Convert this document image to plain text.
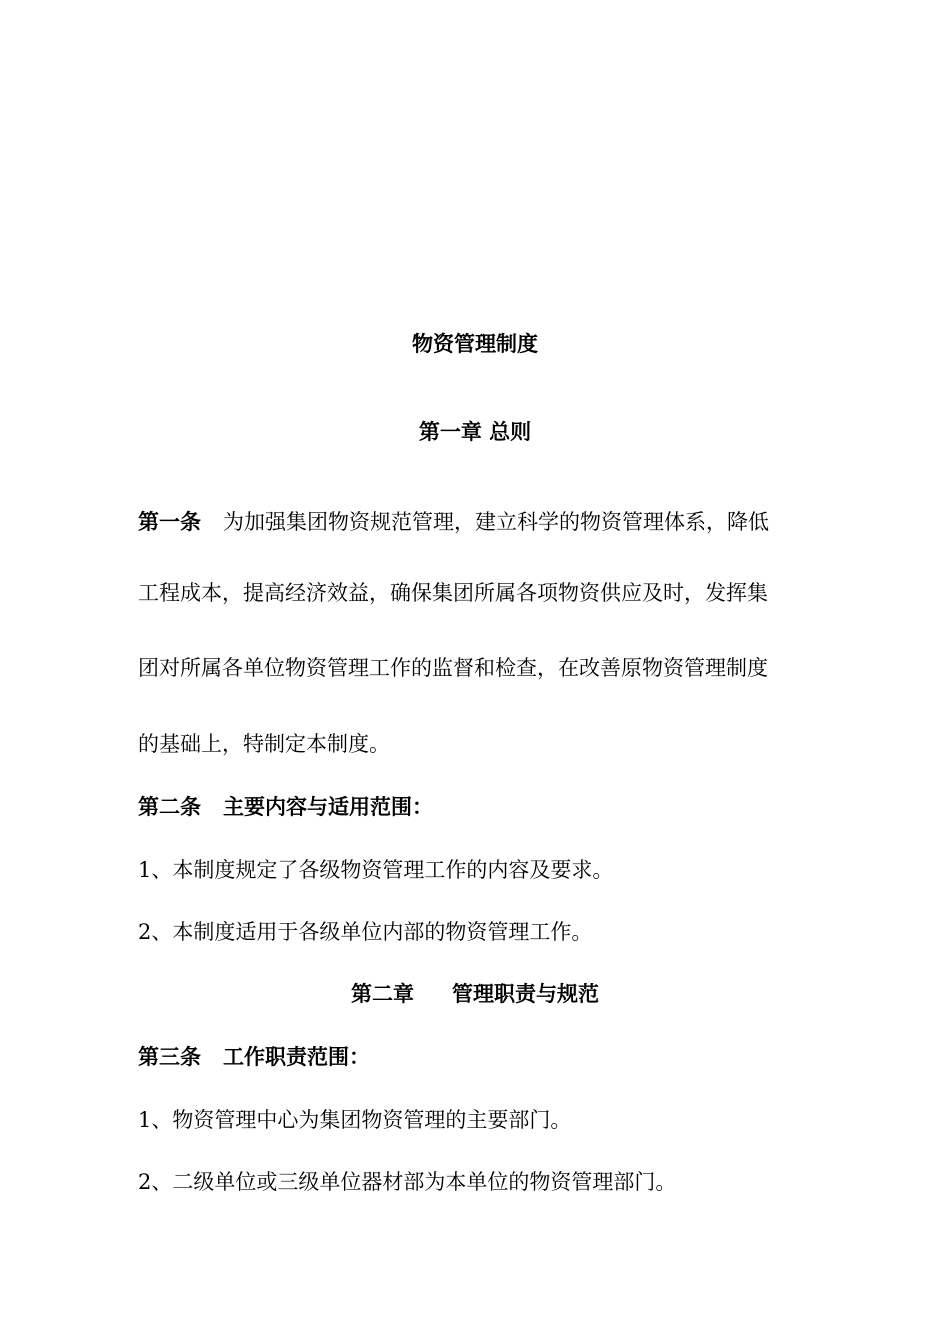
物资管理制度
第一章 总则
第一条 为加强集团物资规范管理，建立科学的物资管理体系，降低
工程成本，提高经济效益，确保集团所属各项物资供应及时，发挥集
团对所属各单位物资管理工作的监督和检查，在改善原物资管理制度
的基础上，特制定本制度。
第二条 主要内容与适用范围：
1、本制度规定了各级物资管理工作的内容及要求。
2、本制度适用于各级单位内部的物资管理工作。
第二章 管理职责与规范
第三条 工作职责范围：
1、物资管理中心为集团物资管理的主要部门。
2、二级单位或三级单位器材部为本单位的物资管理部门。
